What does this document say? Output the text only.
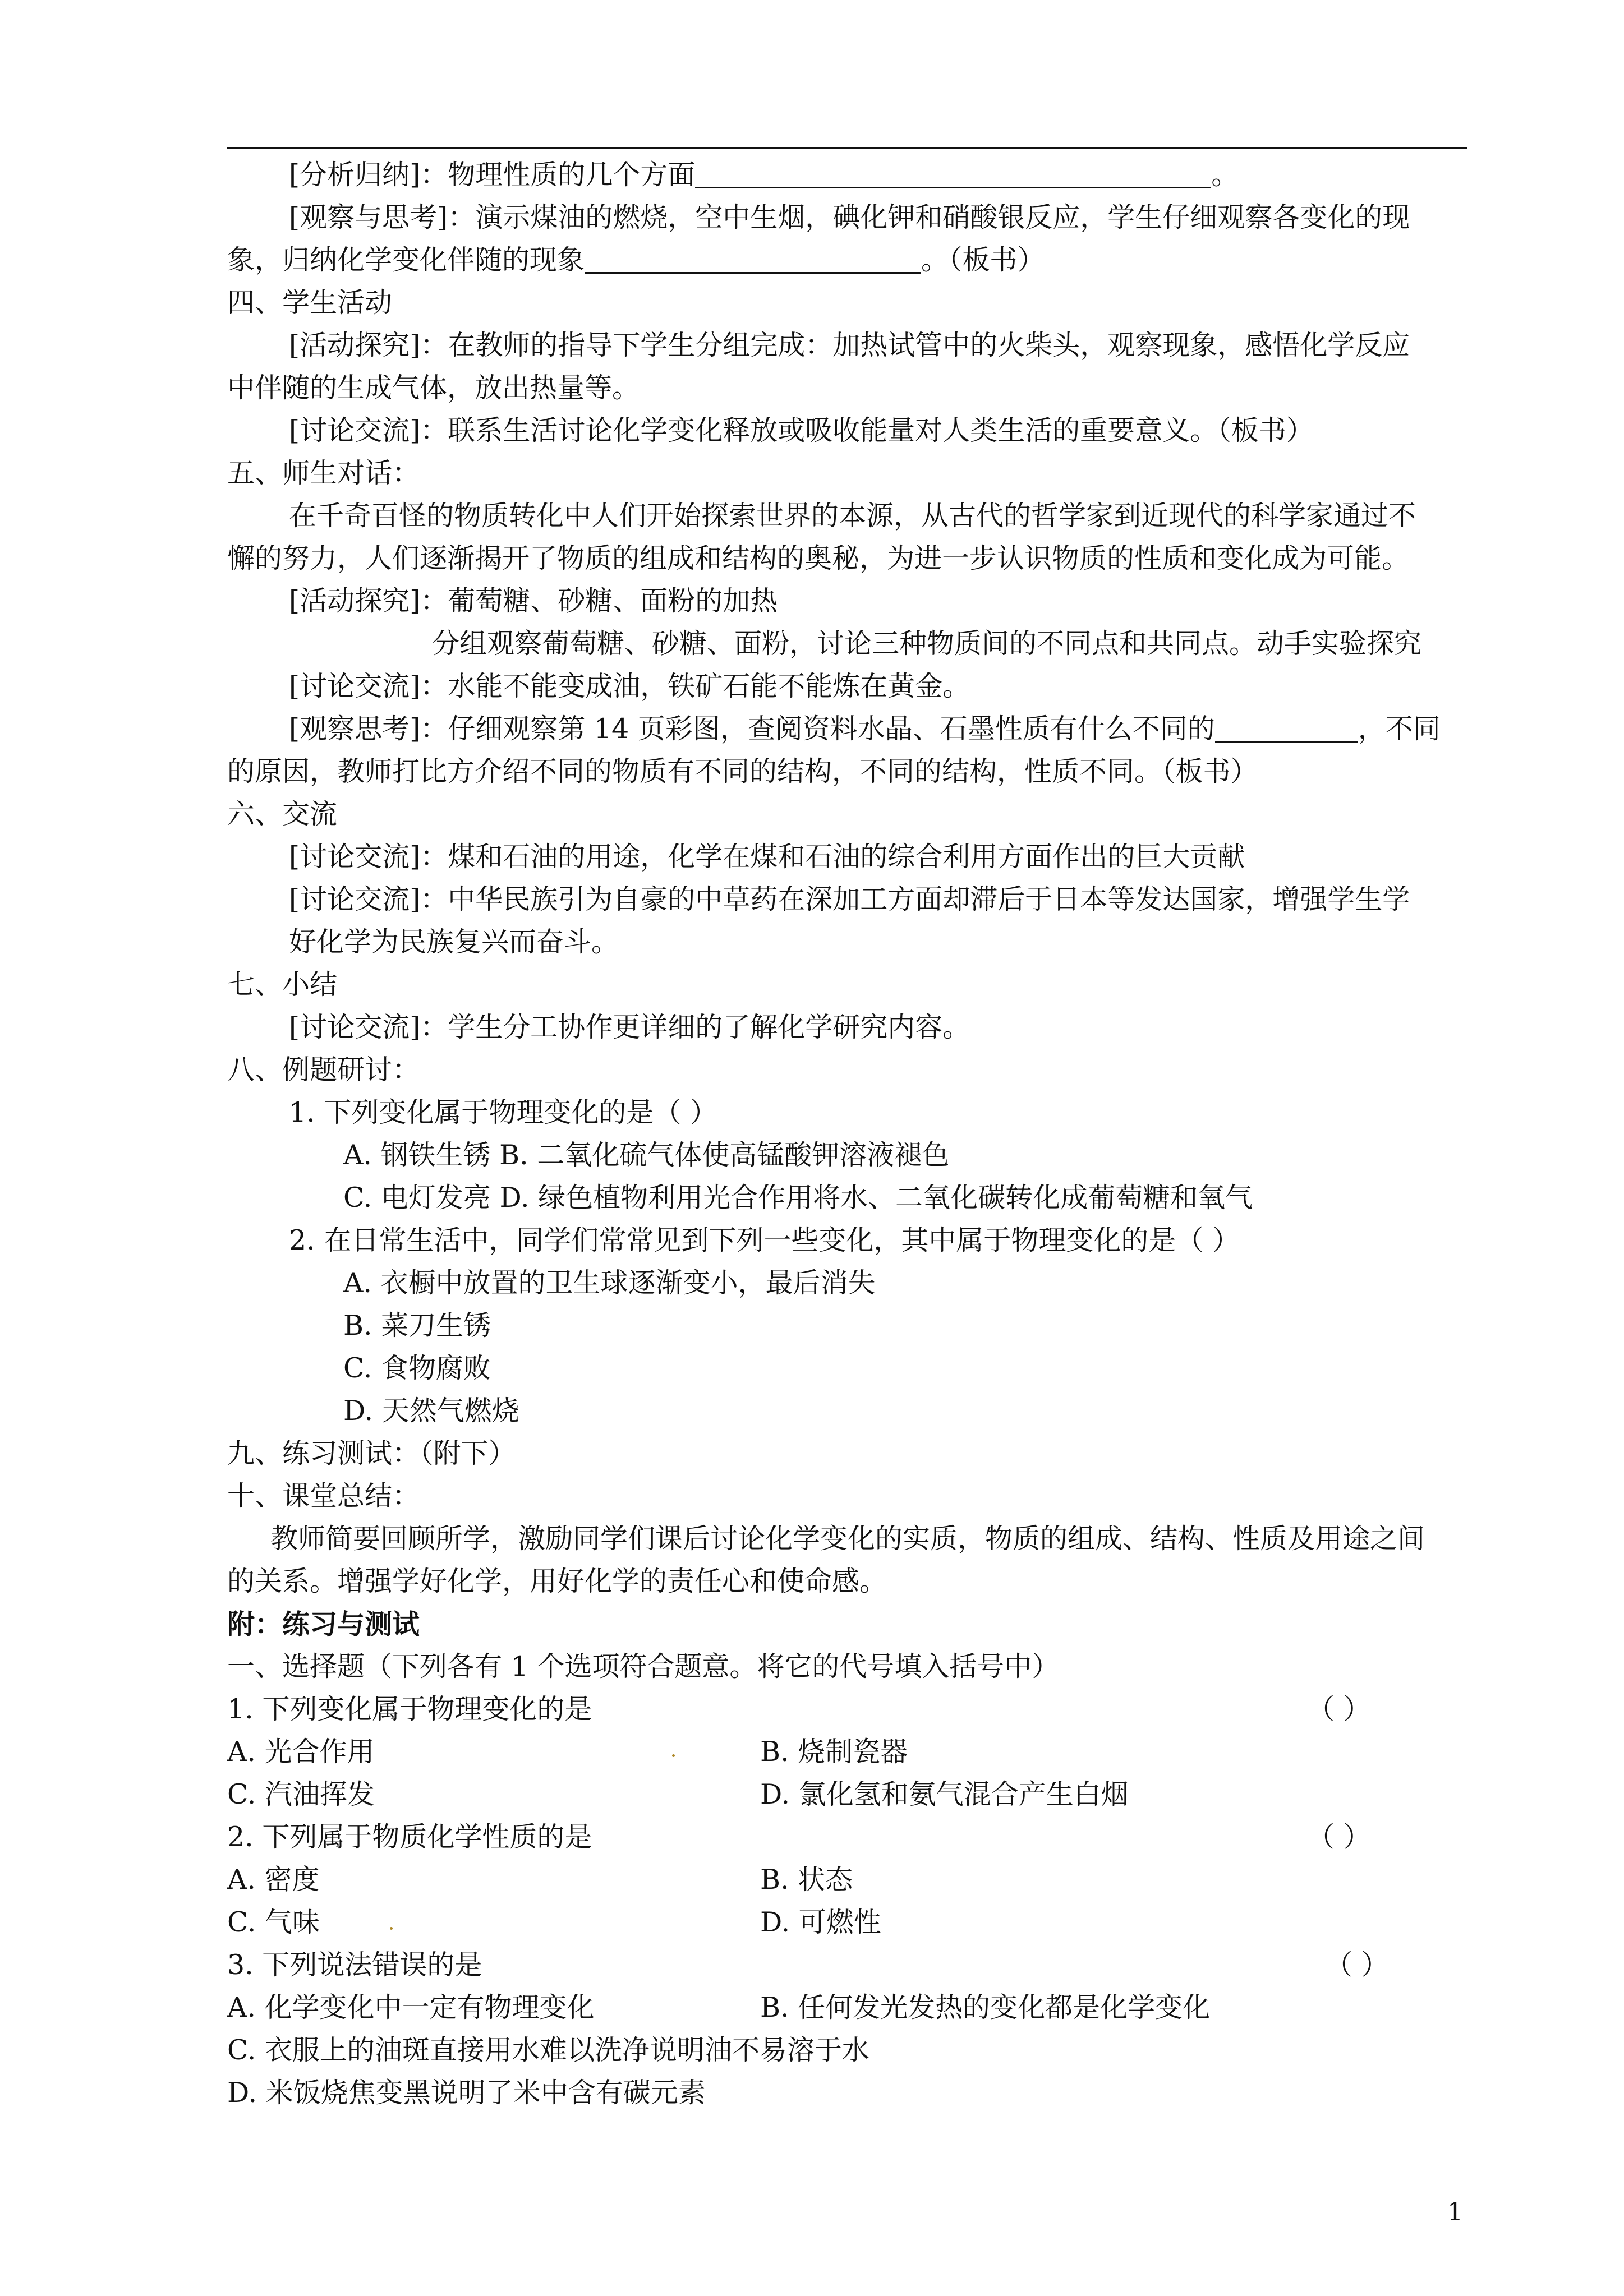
[分析归纳]：物理性质的几个方面	。
[观察与思考]：演示煤油的燃烧，空中生烟，碘化钾和硝酸银反应，学生仔细观察各变化的现
象，归纳化学变化伴随的现象	。（板书）
四、学生活动
[活动探究]：在教师的指导下学生分组完成：加热试管中的火柴头，观察现象，感悟化学反应
中伴随的生成气体，放出热量等。
[讨论交流]：联系生活讨论化学变化释放或吸收能量对人类生活的重要意义。（板书）
五、师生对话：
在千奇百怪的物质转化中人们开始探索世界的本源，从古代的哲学家到近现代的科学家通过不
懈的努力，人们逐渐揭开了物质的组成和结构的奥秘，为进一步认识物质的性质和变化成为可能。
[活动探究]：葡萄糖、砂糖、面粉的加热
分组观察葡萄糖、砂糖、面粉，讨论三种物质间的不同点和共同点。动手实验探究
[讨论交流]：水能不能变成油，铁矿石能不能炼在黄金。
[观察思考]：仔细观察第 14 页彩图，查阅资料水晶、石墨性质有什么不同的	，不同
的原因，教师打比方介绍不同的物质有不同的结构，不同的结构，性质不同。（板书）
六、交流
[讨论交流]：煤和石油的用途，化学在煤和石油的综合利用方面作出的巨大贡献
[讨论交流]：中华民族引为自豪的中草药在深加工方面却滞后于日本等发达国家，增强学生学
好化学为民族复兴而奋斗。
七、小结
[讨论交流]：学生分工协作更详细的了解化学研究内容。
八、例题研讨：
1. 下列变化属于物理变化的是（ ）
A. 钢铁生锈 B. 二氧化硫气体使高锰酸钾溶液褪色
C. 电灯发亮 D. 绿色植物利用光合作用将水、二氧化碳转化成葡萄糖和氧气
2. 在日常生活中，同学们常常见到下列一些变化，其中属于物理变化的是（ ）
A. 衣橱中放置的卫生球逐渐变小，最后消失
B. 菜刀生锈
C. 食物腐败
D. 天然气燃烧
九、练习测试：（附下）
十、课堂总结：
教师简要回顾所学，激励同学们课后讨论化学变化的实质，物质的组成、结构、性质及用途之间
的关系。增强学好化学，用好化学的责任心和使命感。
附：练习与测试
一、选择题（下列各有 1 个选项符合题意。将它的代号填入括号中）
1. 下列变化属于物理变化的是	（ ）
A. 光合作用	B. 烧制瓷器
C. 汽油挥发	D. 氯化氢和氨气混合产生白烟
2. 下列属于物质化学性质的是	（ ）
A. 密度	B. 状态
C. 气味	D. 可燃性
3. 下列说法错误的是	（ ）
A. 化学变化中一定有物理变化	B. 任何发光发热的变化都是化学变化
C. 衣服上的油斑直接用水难以洗净说明油不易溶于水
D. 米饭烧焦变黑说明了米中含有碳元素
1
